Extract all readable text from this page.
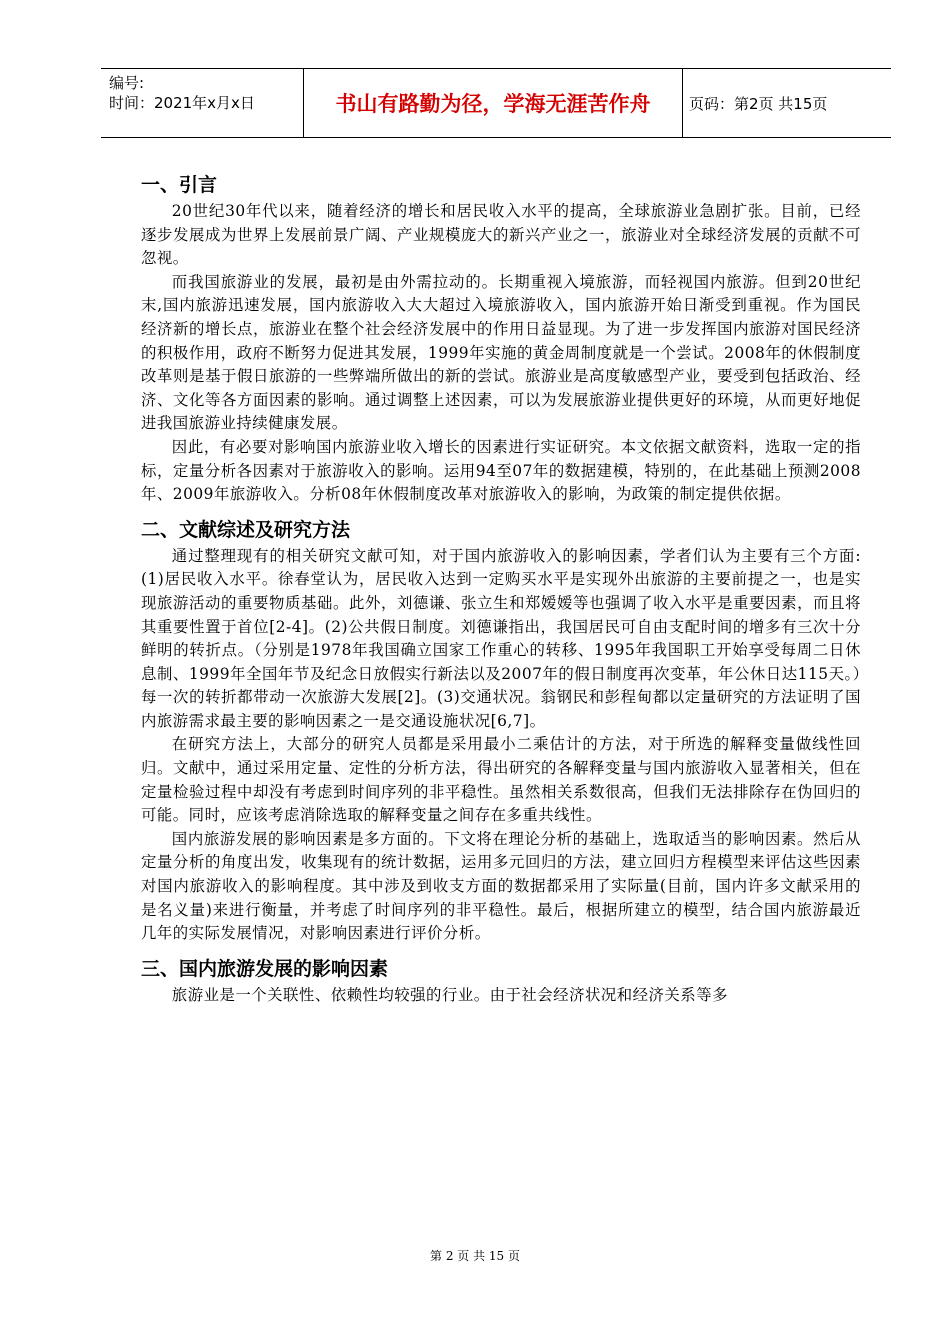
编号:
时间：2021年x月x日	书山有路勤为径，学海无涯苦作舟	页码：第2页 共15页
一、引言

20世纪30年代以来，随着经济的增长和居民收入水平的提高，全球旅游业急剧扩张。目前，已经逐步发展成为世界上发展前景广阔、产业规模庞大的新兴产业之一，旅游业对全球经济发展的贡献不可忽视。

而我国旅游业的发展，最初是由外需拉动的。长期重视入境旅游，而轻视国内旅游。但到20世纪末,国内旅游迅速发展，国内旅游收入大大超过入境旅游收入，国内旅游开始日渐受到重视。作为国民经济新的增长点，旅游业在整个社会经济发展中的作用日益显现。为了进一步发挥国内旅游对国民经济的积极作用，政府不断努力促进其发展，1999年实施的黄金周制度就是一个尝试。2008年的休假制度改革则是基于假日旅游的一些弊端所做出的新的尝试。旅游业是高度敏感型产业，要受到包括政治、经济、文化等各方面因素的影响。通过调整上述因素，可以为发展旅游业提供更好的环境，从而更好地促进我国旅游业持续健康发展。

因此，有必要对影响国内旅游业收入增长的因素进行实证研究。本文依据文献资料，选取一定的指标，定量分析各因素对于旅游收入的影响。运用94至07年的数据建模，特别的，在此基础上预测2008年、2009年旅游收入。分析08年休假制度改革对旅游收入的影响，为政策的制定提供依据。

二、文献综述及研究方法

通过整理现有的相关研究文献可知，对于国内旅游收入的影响因素，学者们认为主要有三个方面: (1)居民收入水平。徐春堂认为，居民收入达到一定购买水平是实现外出旅游的主要前提之一，也是实现旅游活动的重要物质基础。此外，刘德谦、张立生和郑嫒嫒等也强调了收入水平是重要因素，而且将其重要性置于首位[2-4]。(2)公共假日制度。刘德谦指出，我国居民可自由支配时间的增多有三次十分鲜明的转折点。（分别是1978年我国确立国家工作重心的转移、1995年我国职工开始享受每周二日休息制、1999年全国年节及纪念日放假实行新法以及2007年的假日制度再次变革，年公休日达115天。）每一次的转折都带动一次旅游大发展[2]。(3)交通状况。翁钢民和彭程甸都以定量研究的方法证明了国内旅游需求最主要的影响因素之一是交通设施状况[6,7]。

在研究方法上，大部分的研究人员都是采用最小二乘估计的方法，对于所选的解释变量做线性回归。文献中，通过采用定量、定性的分析方法，得出研究的各解释变量与国内旅游收入显著相关，但在定量检验过程中却没有考虑到时间序列的非平稳性。虽然相关系数很高，但我们无法排除存在伪回归的可能。同时，应该考虑消除选取的解释变量之间存在多重共线性。

国内旅游发展的影响因素是多方面的。下文将在理论分析的基础上，选取适当的影响因素。然后从定量分析的角度出发，收集现有的统计数据，运用多元回归的方法，建立回归方程模型来评估这些因素对国内旅游收入的影响程度。其中涉及到收支方面的数据都采用了实际量(目前，国内许多文献采用的是名义量)来进行衡量，并考虑了时间序列的非平稳性。最后，根据所建立的模型，结合国内旅游最近几年的实际发展情况，对影响因素进行评价分析。

三、国内旅游发展的影响因素

旅游业是一个关联性、依赖性均较强的行业。由于社会经济状况和经济关系等多

第 2 页 共 15 页
